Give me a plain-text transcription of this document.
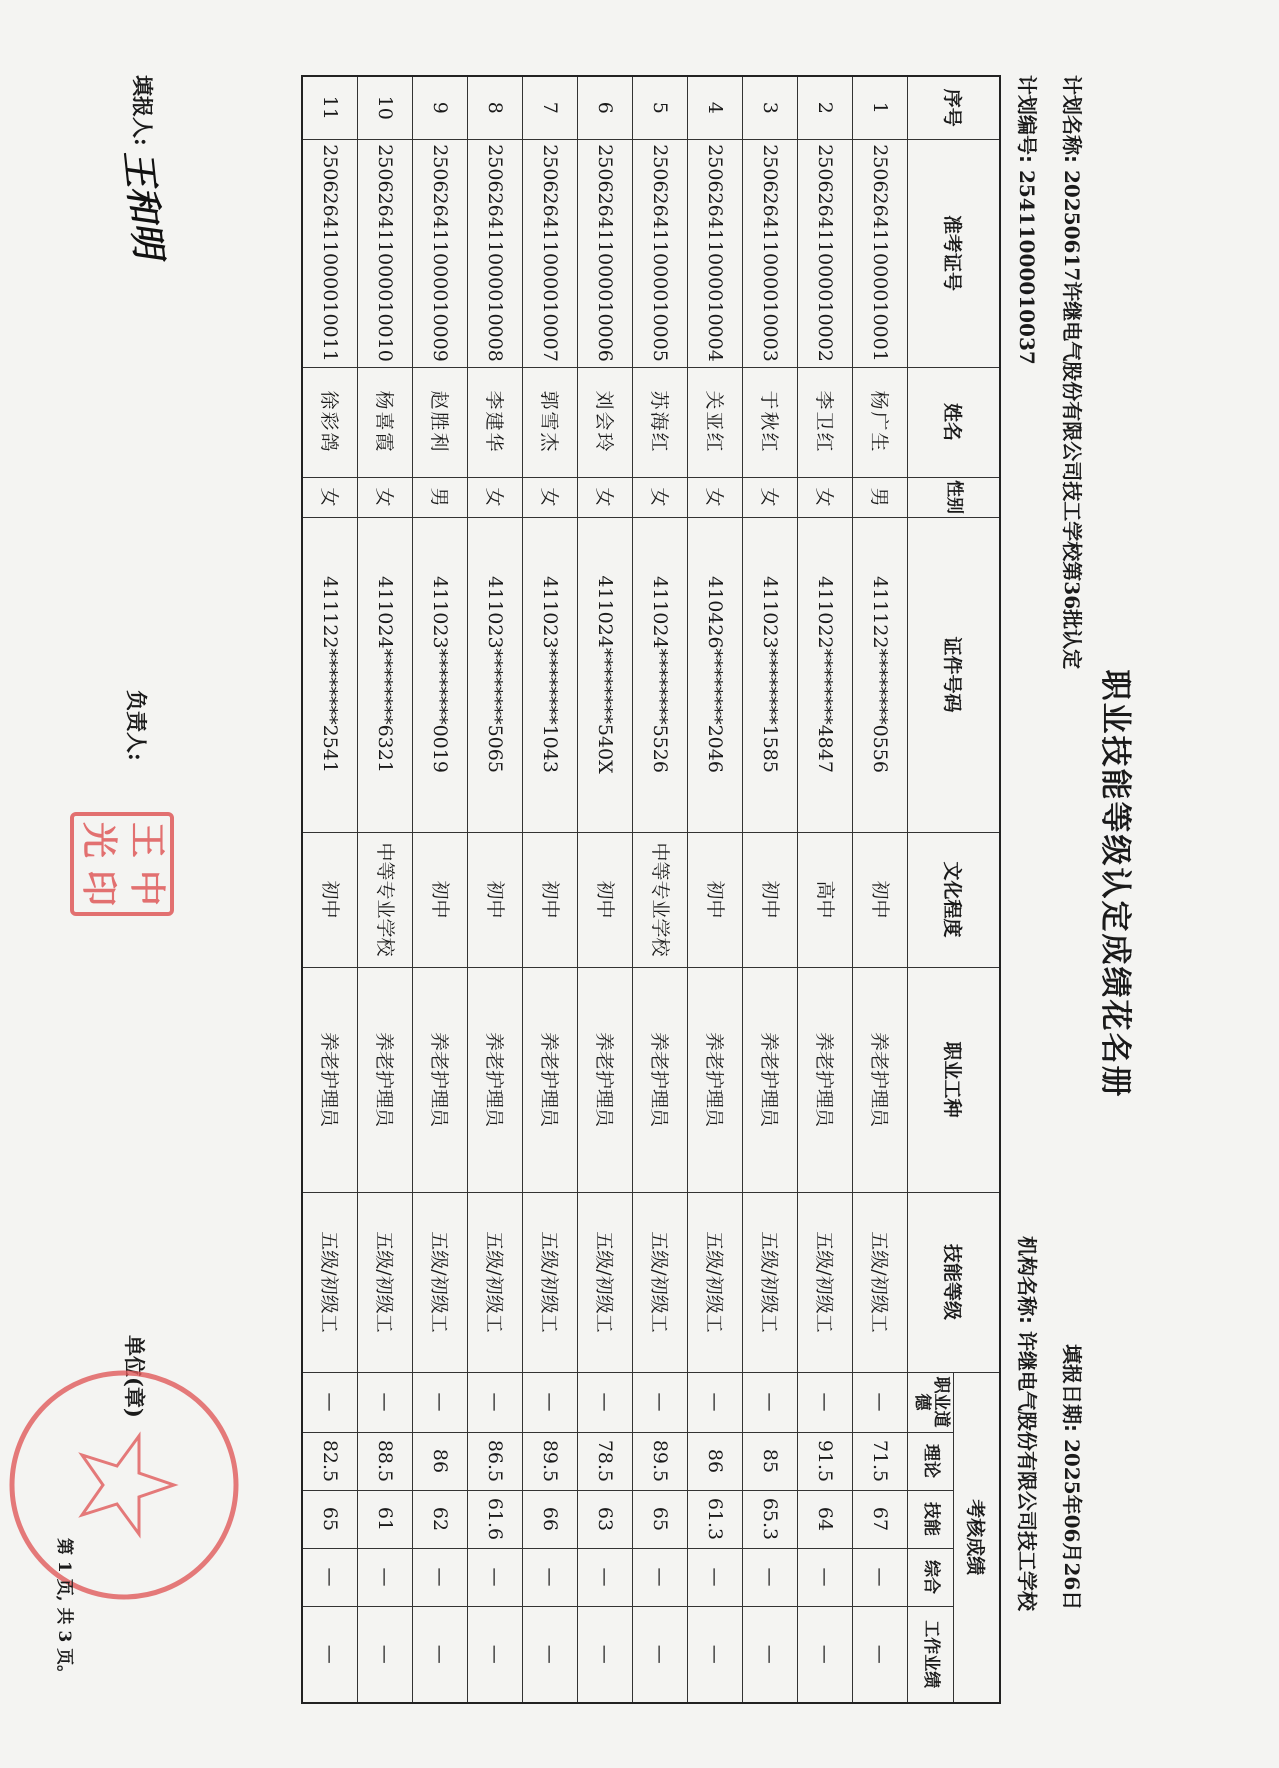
职业技能等级认定成绩花名册
计划名称: 20250617许继电气股份有限公司技工学校第36批认定
填报日期: 2025年06月26日
计划编号: 25411000010037
机构名称: 许继电气股份有限公司技工学校
序号	准考证号	姓名	性别	证件号码	文化程度	职业工种	技能等级	考核成绩				
								职业道德	理论	技能	综合	工作业绩
1	250626411000010001	杨广生	男	411122********0556	初中	养老护理员	五级/初级工	—	71.5	67	—	—
2	250626411000010002	李卫红	女	411022********4847	高中	养老护理员	五级/初级工	—	91.5	64	—	—
3	250626411000010003	于秋红	女	411023********1585	初中	养老护理员	五级/初级工	—	85	65.3	—	—
4	250626411000010004	关亚红	女	410426********2046	初中	养老护理员	五级/初级工	—	86	61.3	—	—
5	250626411000010005	苏海红	女	411024********5526	中等专业学校	养老护理员	五级/初级工	—	89.5	65	—	—
6	250626411000010006	刘会玲	女	411024********540X	初中	养老护理员	五级/初级工	—	78.5	63	—	—
7	250626411000010007	郭雪杰	女	411023********1043	初中	养老护理员	五级/初级工	—	89.5	66	—	—
8	250626411000010008	李建华	女	411023********5065	初中	养老护理员	五级/初级工	—	86.5	61.6	—	—
9	250626411000010009	赵胜利	男	411023********0019	初中	养老护理员	五级/初级工	—	86	62	—	—
10	250626411000010010	杨喜霞	女	411024********6321	中等专业学校	养老护理员	五级/初级工	—	88.5	61	—	—
11	250626411000010011	徐彩鸽	女	411122********2541	初中	养老护理员	五级/初级工	—	82.5	65	—	—
填报人:
王和明
负责人:
王
中
光
印
单位(章)
第 1 页, 共 3 页。
